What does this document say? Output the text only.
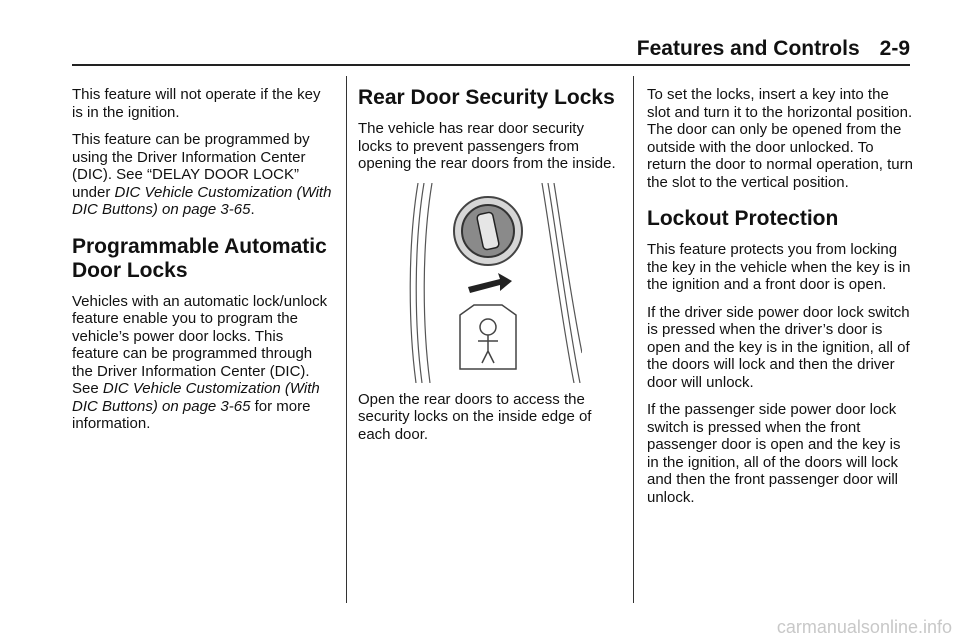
Features and Controls 2-9

This feature will not operate if the key is in the ignition.

This feature can be programmed by using the Driver Information Center (DIC). See “DELAY DOOR LOCK” under DIC Vehicle Customization (With DIC Buttons) on page 3‑65.

Programmable Automatic Door Locks

Vehicles with an automatic lock/unlock feature enable you to program the vehicle’s power door locks. This feature can be programmed through the Driver Information Center (DIC). See DIC Vehicle Customization (With DIC Buttons) on page 3‑65 for more information.

Rear Door Security Locks

The vehicle has rear door security locks to prevent passengers from opening the rear doors from the inside.

Open the rear doors to access the security locks on the inside edge of each door.

To set the locks, insert a key into the slot and turn it to the horizontal position. The door can only be opened from the outside with the door unlocked. To return the door to normal operation, turn the slot to the vertical position.

Lockout Protection

This feature protects you from locking the key in the vehicle when the key is in the ignition and a front door is open.

If the driver side power door lock switch is pressed when the driver’s door is open and the key is in the ignition, all of the doors will lock and then the driver door will unlock.

If the passenger side power door lock switch is pressed when the front passenger door is open and the key is in the ignition, all of the doors will lock and then the front passenger door will unlock.

carmanualsonline.info
